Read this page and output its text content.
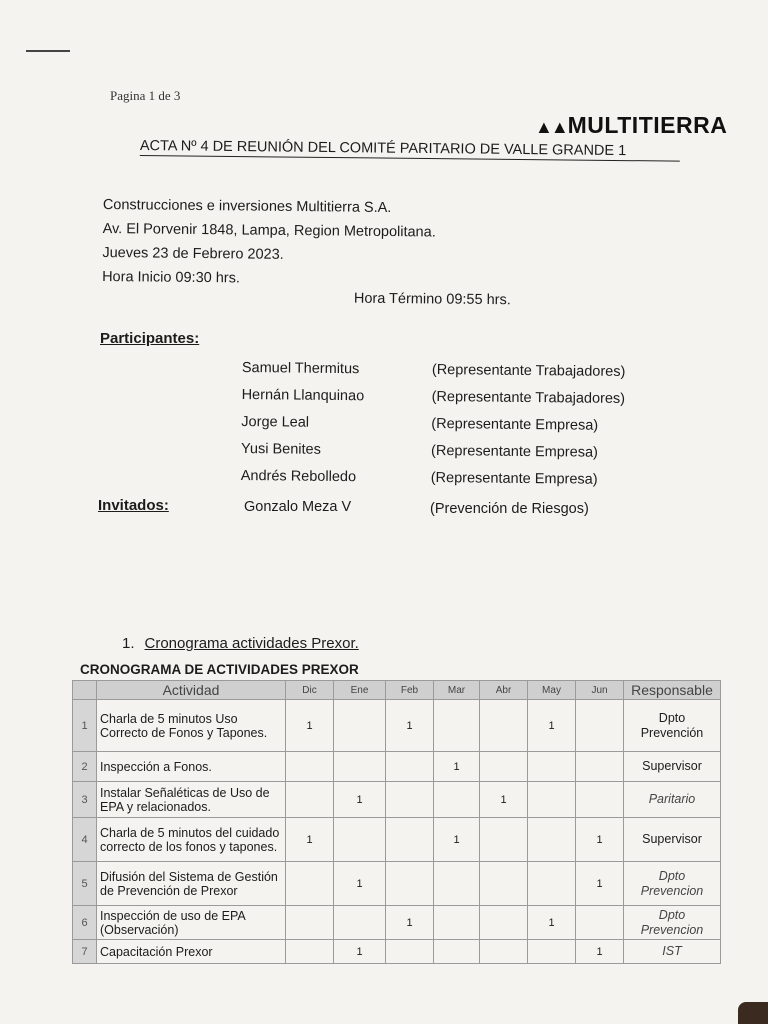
Pagina 1 de 3
▲▲MULTITIERRA
ACTA Nº 4 DE REUNIÓN DEL COMITÉ PARITARIO DE VALLE GRANDE 1
Construcciones e inversiones Multitierra S.A.
Av. El Porvenir 1848, Lampa, Region Metropolitana.
Jueves 23 de Febrero 2023.
Hora Inicio 09:30 hrs.
Hora Término 09:55 hrs.
Participantes:
Samuel Thermitus	(Representante Trabajadores)
Hernán Llanquinao	(Representante Trabajadores)
Jorge Leal	(Representante Empresa)
Yusi Benites	(Representante Empresa)
Andrés Rebolledo	(Representante Empresa)
Invitados:	Gonzalo Meza V	(Prevención de Riesgos)
1. Cronograma actividades Prexor.
CRONOGRAMA DE ACTIVIDADES PREXOR
	Actividad	Dic	Ene	Feb	Mar	Abr	May	Jun	Responsable
1	Charla de 5 minutos Uso Correcto de Fonos y Tapones.	1		1			1		Dpto Prevención
2	Inspección a Fonos.				1				Supervisor
3	Instalar Señaléticas de Uso de EPA y relacionados.		1			1			Paritario
4	Charla de 5 minutos del cuidado correcto de los fonos y tapones.	1			1			1	Supervisor
5	Difusión del Sistema de Gestión de Prevención de Prexor		1					1	Dpto Prevencion
6	Inspección de uso de EPA (Observación)			1			1		Dpto Prevencion
7	Capacitación Prexor		1					1	IST
